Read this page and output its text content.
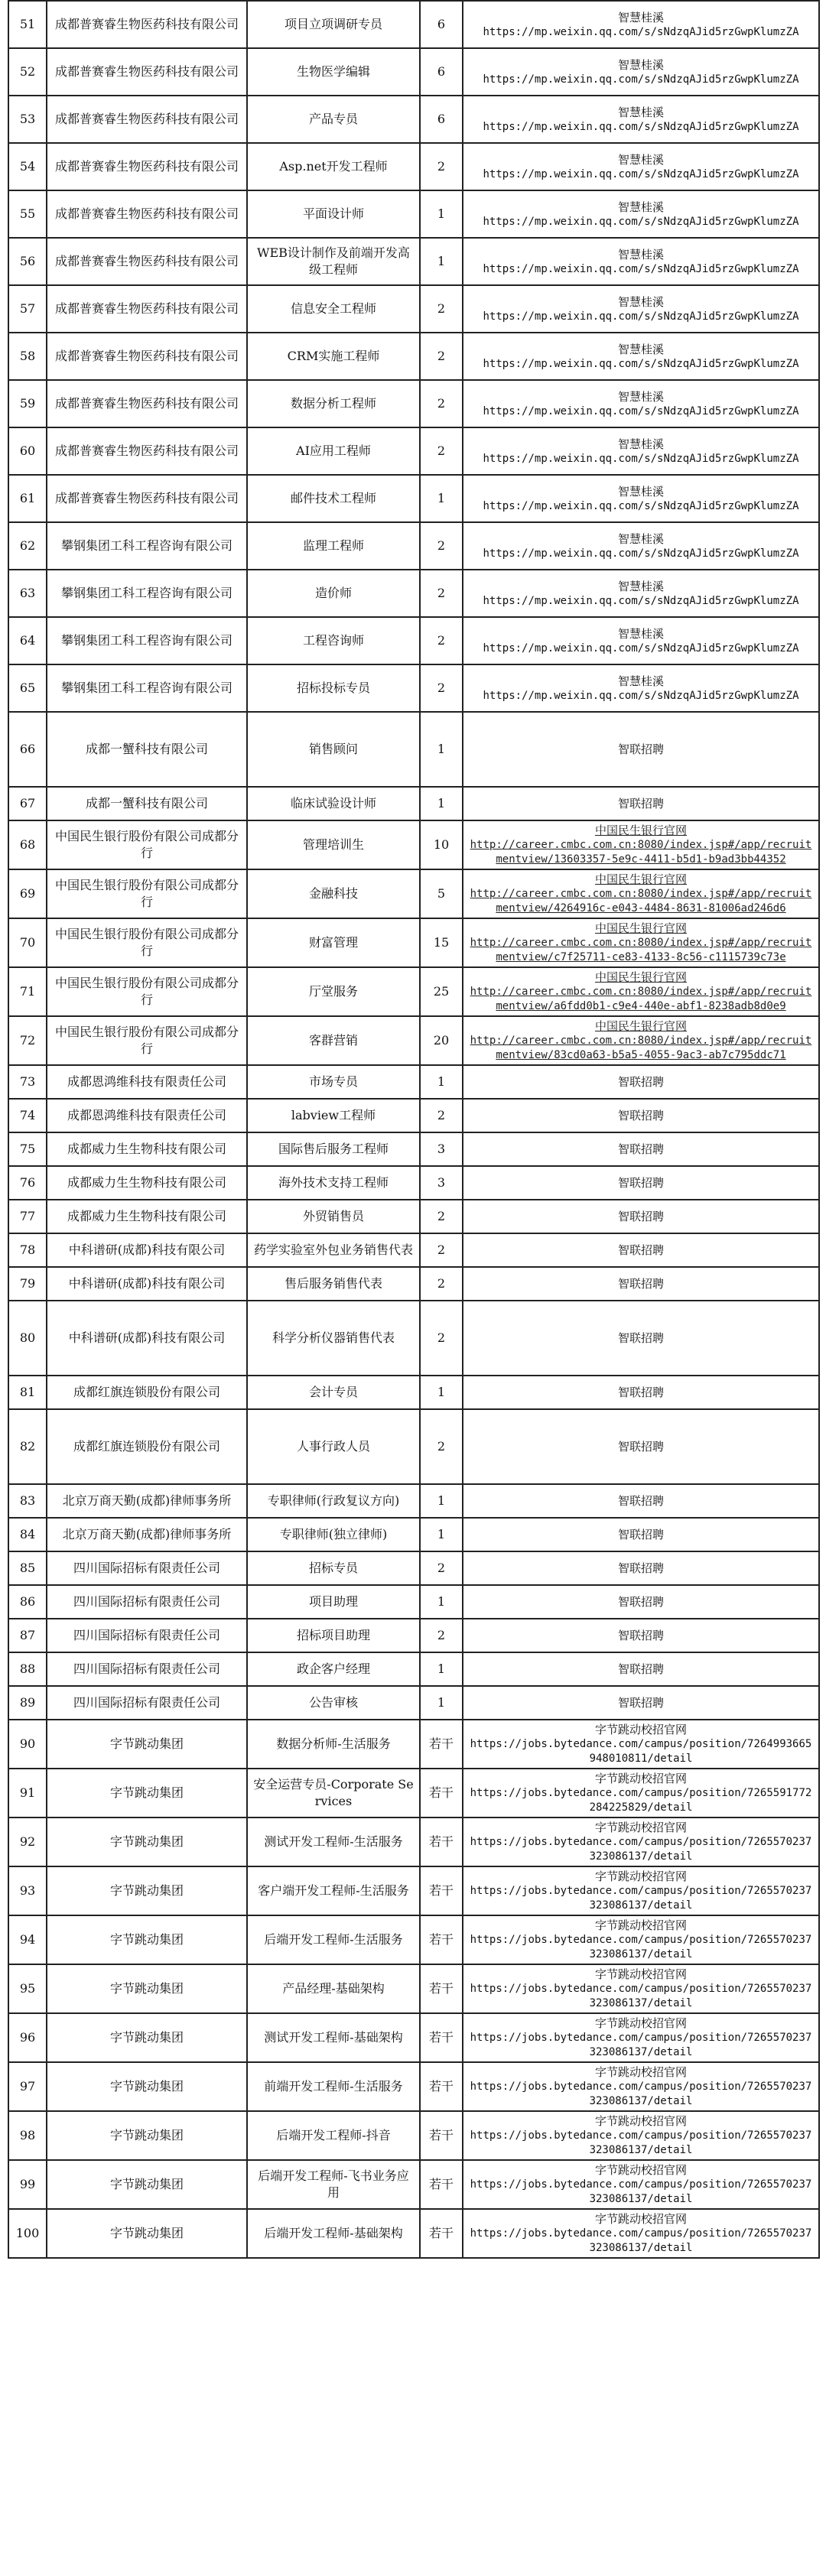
51	成都普赛睿生物医药科技有限公司	项目立项调研专员	6	智慧桂溪
https://mp.weixin.qq.com/s/sNdzqAJid5rzGwpKlumzZA

52	成都普赛睿生物医药科技有限公司	生物医学编辑	6	智慧桂溪
https://mp.weixin.qq.com/s/sNdzqAJid5rzGwpKlumzZA

53	成都普赛睿生物医药科技有限公司	产品专员	6	智慧桂溪
https://mp.weixin.qq.com/s/sNdzqAJid5rzGwpKlumzZA

54	成都普赛睿生物医药科技有限公司	Asp.net开发工程师	2	智慧桂溪
https://mp.weixin.qq.com/s/sNdzqAJid5rzGwpKlumzZA

55	成都普赛睿生物医药科技有限公司	平面设计师	1	智慧桂溪
https://mp.weixin.qq.com/s/sNdzqAJid5rzGwpKlumzZA

56	成都普赛睿生物医药科技有限公司	WEB设计制作及前端开发高级工程师	1	智慧桂溪
https://mp.weixin.qq.com/s/sNdzqAJid5rzGwpKlumzZA

57	成都普赛睿生物医药科技有限公司	信息安全工程师	2	智慧桂溪
https://mp.weixin.qq.com/s/sNdzqAJid5rzGwpKlumzZA

58	成都普赛睿生物医药科技有限公司	CRM实施工程师	2	智慧桂溪
https://mp.weixin.qq.com/s/sNdzqAJid5rzGwpKlumzZA

59	成都普赛睿生物医药科技有限公司	数据分析工程师	2	智慧桂溪
https://mp.weixin.qq.com/s/sNdzqAJid5rzGwpKlumzZA

60	成都普赛睿生物医药科技有限公司	AI应用工程师	2	智慧桂溪
https://mp.weixin.qq.com/s/sNdzqAJid5rzGwpKlumzZA

61	成都普赛睿生物医药科技有限公司	邮件技术工程师	1	智慧桂溪
https://mp.weixin.qq.com/s/sNdzqAJid5rzGwpKlumzZA

62	攀钢集团工科工程咨询有限公司	监理工程师	2	智慧桂溪
https://mp.weixin.qq.com/s/sNdzqAJid5rzGwpKlumzZA

63	攀钢集团工科工程咨询有限公司	造价师	2	智慧桂溪
https://mp.weixin.qq.com/s/sNdzqAJid5rzGwpKlumzZA

64	攀钢集团工科工程咨询有限公司	工程咨询师	2	智慧桂溪
https://mp.weixin.qq.com/s/sNdzqAJid5rzGwpKlumzZA

65	攀钢集团工科工程咨询有限公司	招标投标专员	2	智慧桂溪
https://mp.weixin.qq.com/s/sNdzqAJid5rzGwpKlumzZA

66	成都一蟹科技有限公司	销售顾问	1	智联招聘

67	成都一蟹科技有限公司	临床试验设计师	1	智联招聘

68	中国民生银行股份有限公司成都分行	管理培训生	10	中国民生银行官网
http://career.cmbc.com.cn:8080/index.jsp#/app/recruitmentview/13603357-5e9c-4411-b5d1-b9ad3bb44352

69	中国民生银行股份有限公司成都分行	金融科技	5	中国民生银行官网
http://career.cmbc.com.cn:8080/index.jsp#/app/recruitmentview/4264916c-e043-4484-8631-81006ad246d6

70	中国民生银行股份有限公司成都分行	财富管理	15	中国民生银行官网
http://career.cmbc.com.cn:8080/index.jsp#/app/recruitmentview/c7f25711-ce83-4133-8c56-c1115739c73e

71	中国民生银行股份有限公司成都分行	厅堂服务	25	中国民生银行官网
http://career.cmbc.com.cn:8080/index.jsp#/app/recruitmentview/a6fdd0b1-c9e4-440e-abf1-8238adb8d0e9

72	中国民生银行股份有限公司成都分行	客群营销	20	中国民生银行官网
http://career.cmbc.com.cn:8080/index.jsp#/app/recruitmentview/83cd0a63-b5a5-4055-9ac3-ab7c795ddc71

73	成都恩鸿维科技有限责任公司	市场专员	1	智联招聘

74	成都恩鸿维科技有限责任公司	labview工程师	2	智联招聘

75	成都威力生生物科技有限公司	国际售后服务工程师	3	智联招聘

76	成都威力生生物科技有限公司	海外技术支持工程师	3	智联招聘

77	成都威力生生物科技有限公司	外贸销售员	2	智联招聘

78	中科谱研(成都)科技有限公司	药学实验室外包业务销售代表	2	智联招聘

79	中科谱研(成都)科技有限公司	售后服务销售代表	2	智联招聘

80	中科谱研(成都)科技有限公司	科学分析仪器销售代表	2	智联招聘

81	成都红旗连锁股份有限公司	会计专员	1	智联招聘

82	成都红旗连锁股份有限公司	人事行政人员	2	智联招聘

83	北京万商天勤(成都)律师事务所	专职律师(行政复议方向)	1	智联招聘

84	北京万商天勤(成都)律师事务所	专职律师(独立律师)	1	智联招聘

85	四川国际招标有限责任公司	招标专员	2	智联招聘

86	四川国际招标有限责任公司	项目助理	1	智联招聘

87	四川国际招标有限责任公司	招标项目助理	2	智联招聘

88	四川国际招标有限责任公司	政企客户经理	1	智联招聘

89	四川国际招标有限责任公司	公告审核	1	智联招聘

90	字节跳动集团	数据分析师-生活服务	若干	字节跳动校招官网
https://jobs.bytedance.com/campus/position/7264993665948010811/detail

91	字节跳动集团	安全运营专员-Corporate Services	若干	字节跳动校招官网
https://jobs.bytedance.com/campus/position/7265591772284225829/detail

92	字节跳动集团	测试开发工程师-生活服务	若干	字节跳动校招官网
https://jobs.bytedance.com/campus/position/7265570237323086137/detail

93	字节跳动集团	客户端开发工程师-生活服务	若干	字节跳动校招官网
https://jobs.bytedance.com/campus/position/7265570237323086137/detail

94	字节跳动集团	后端开发工程师-生活服务	若干	字节跳动校招官网
https://jobs.bytedance.com/campus/position/7265570237323086137/detail

95	字节跳动集团	产品经理-基础架构	若干	字节跳动校招官网
https://jobs.bytedance.com/campus/position/7265570237323086137/detail

96	字节跳动集团	测试开发工程师-基础架构	若干	字节跳动校招官网
https://jobs.bytedance.com/campus/position/7265570237323086137/detail

97	字节跳动集团	前端开发工程师-生活服务	若干	字节跳动校招官网
https://jobs.bytedance.com/campus/position/7265570237323086137/detail

98	字节跳动集团	后端开发工程师-抖音	若干	字节跳动校招官网
https://jobs.bytedance.com/campus/position/7265570237323086137/detail

99	字节跳动集团	后端开发工程师-飞书业务应用	若干	字节跳动校招官网
https://jobs.bytedance.com/campus/position/7265570237323086137/detail

100	字节跳动集团	后端开发工程师-基础架构	若干	字节跳动校招官网
https://jobs.bytedance.com/campus/position/7265570237323086137/detail
